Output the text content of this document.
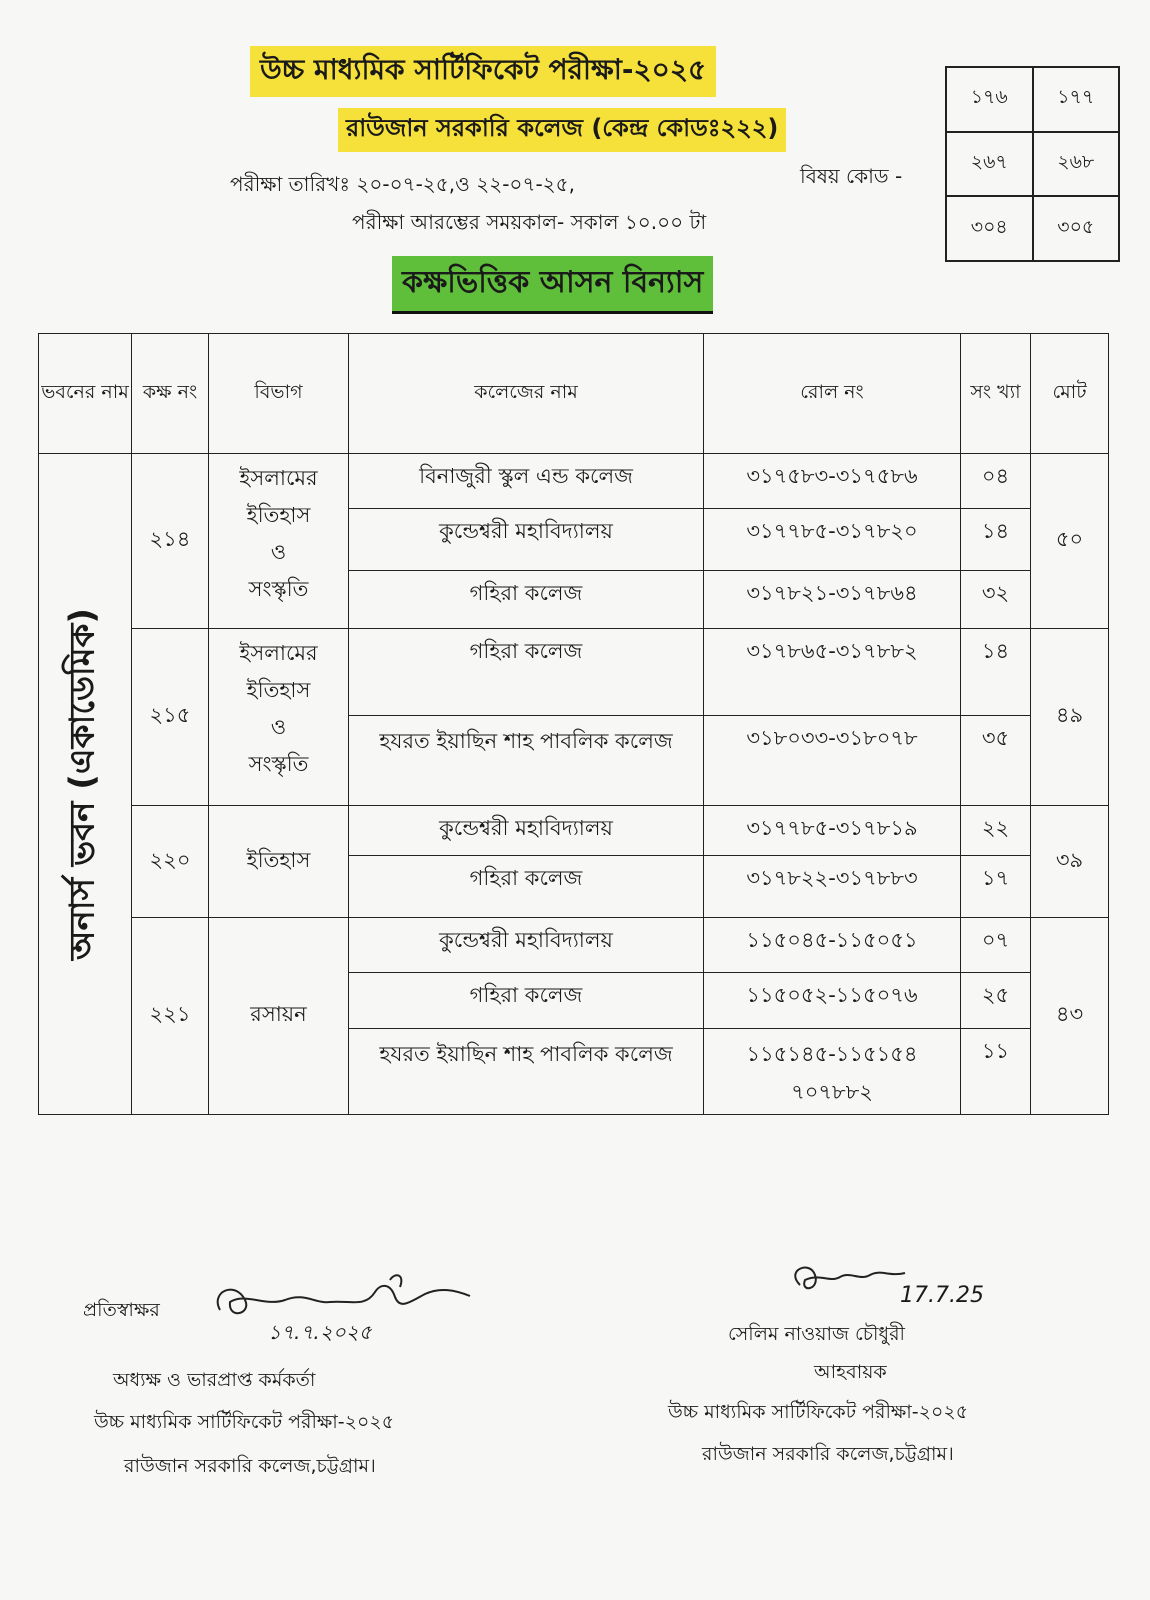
উচ্চ মাধ্যমিক সার্টিফিকেট পরীক্ষা-২০২৫
রাউজান সরকারি কলেজ (কেন্দ্র কোডঃ২২২)
পরীক্ষা তারিখঃ ২০-০৭-২৫,ও ২২-০৭-২৫,	বিষয় কোড -
পরীক্ষা আরম্ভের সময়কাল- সকাল ১০.০০ টা
কক্ষভিত্তিক আসন বিন্যাস
১৭৬	১৭৭
২৬৭	২৬৮
৩০৪	৩০৫
ভবনের নাম	কক্ষ নং	বিভাগ	কলেজের নাম	রোল নং	সং খ্যা	মোট

অনার্স ভবন (একাডেমিক)	২১৪	ইসলামের
ইতিহাস
ও
সংস্কৃতি	বিনাজুরী স্কুল এন্ড কলেজ	৩১৭৫৮৩-৩১৭৫৮৬	০৪	৫০
			কুন্ডেশ্বরী মহাবিদ্যালয়	৩১৭৭৮৫-৩১৭৮২০	১৪	
			গহিরা কলেজ	৩১৭৮২১-৩১৭৮৬৪	৩২	
	২১৫	ইসলামের
ইতিহাস
ও
সংস্কৃতি	গহিরা কলেজ	৩১৭৮৬৫-৩১৭৮৮২	১৪	৪৯
			হযরত ইয়াছিন শাহ পাবলিক কলেজ	৩১৮০৩৩-৩১৮০৭৮	৩৫	
	২২০	ইতিহাস	কুন্ডেশ্বরী মহাবিদ্যালয়	৩১৭৭৮৫-৩১৭৮১৯	২২	৩৯
			গহিরা কলেজ	৩১৭৮২২-৩১৭৮৮৩	১৭	
	২২১	রসায়ন	কুন্ডেশ্বরী মহাবিদ্যালয়	১১৫০৪৫-১১৫০৫১	০৭	৪৩
			গহিরা কলেজ	১১৫০৫২-১১৫০৭৬	২৫	
			হযরত ইয়াছিন শাহ পাবলিক কলেজ	১১৫১৪৫-১১৫১৫৪ ৭০৭৮৮২	১১	
প্রতিস্বাক্ষর
১৭.৭.২০২৫
অধ্যক্ষ ও ভারপ্রাপ্ত কর্মকর্তা
উচ্চ মাধ্যমিক সার্টিফিকেট পরীক্ষা-২০২৫
রাউজান সরকারি কলেজ,চট্টগ্রাম।
17.7.25
সেলিম নাওয়াজ চৌধুরী
আহবায়ক
উচ্চ মাধ্যমিক সার্টিফিকেট পরীক্ষা-২০২৫
রাউজান সরকারি কলেজ,চট্টগ্রাম।
